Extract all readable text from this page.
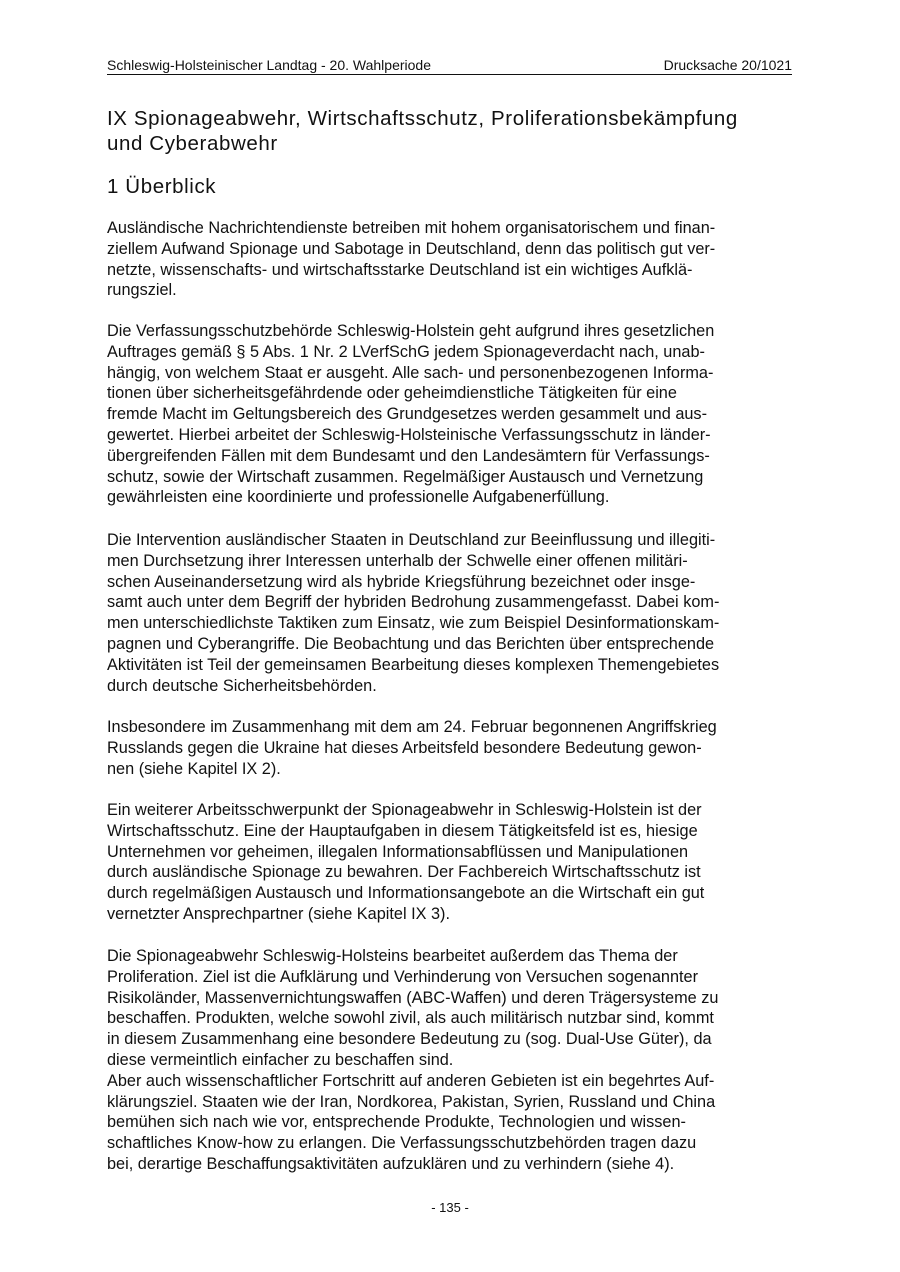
Schleswig-Holsteinischer Landtag - 20. Wahlperiode	Drucksache 20/1021
IX Spionageabwehr, Wirtschaftsschutz, Proliferationsbekämpfung
und Cyberabwehr
1 Überblick

Ausländische Nachrichtendienste betreiben mit hohem organisatorischem und finan-
ziellem Aufwand Spionage und Sabotage in Deutschland, denn das politisch gut ver-
netzte, wissenschafts- und wirtschaftsstarke Deutschland ist ein wichtiges Aufklä-
rungsziel.

Die Verfassungsschutzbehörde Schleswig-Holstein geht aufgrund ihres gesetzlichen
Auftrages gemäß § 5 Abs. 1 Nr. 2 LVerfSchG jedem Spionageverdacht nach, unab-
hängig, von welchem Staat er ausgeht. Alle sach- und personenbezogenen Informa-
tionen über sicherheitsgefährdende oder geheimdienstliche Tätigkeiten für eine
fremde Macht im Geltungsbereich des Grundgesetzes werden gesammelt und aus-
gewertet. Hierbei arbeitet der Schleswig-Holsteinische Verfassungsschutz in länder-
übergreifenden Fällen mit dem Bundesamt und den Landesämtern für Verfassungs-
schutz, sowie der Wirtschaft zusammen. Regelmäßiger Austausch und Vernetzung
gewährleisten eine koordinierte und professionelle Aufgabenerfüllung.

Die Intervention ausländischer Staaten in Deutschland zur Beeinflussung und illegiti-
men Durchsetzung ihrer Interessen unterhalb der Schwelle einer offenen militäri-
schen Auseinandersetzung wird als hybride Kriegsführung bezeichnet oder insge-
samt auch unter dem Begriff der hybriden Bedrohung zusammengefasst. Dabei kom-
men unterschiedlichste Taktiken zum Einsatz, wie zum Beispiel Desinformationskam-
pagnen und Cyberangriffe. Die Beobachtung und das Berichten über entsprechende
Aktivitäten ist Teil der gemeinsamen Bearbeitung dieses komplexen Themengebietes
durch deutsche Sicherheitsbehörden.

Insbesondere im Zusammenhang mit dem am 24. Februar begonnenen Angriffskrieg
Russlands gegen die Ukraine hat dieses Arbeitsfeld besondere Bedeutung gewon-
nen (siehe Kapitel IX 2).

Ein weiterer Arbeitsschwerpunkt der Spionageabwehr in Schleswig-Holstein ist der
Wirtschaftsschutz. Eine der Hauptaufgaben in diesem Tätigkeitsfeld ist es, hiesige
Unternehmen vor geheimen, illegalen Informationsabflüssen und Manipulationen
durch ausländische Spionage zu bewahren. Der Fachbereich Wirtschaftsschutz ist
durch regelmäßigen Austausch und Informationsangebote an die Wirtschaft ein gut
vernetzter Ansprechpartner (siehe Kapitel IX 3).

Die Spionageabwehr Schleswig-Holsteins bearbeitet außerdem das Thema der
Proliferation. Ziel ist die Aufklärung und Verhinderung von Versuchen sogenannter
Risikoländer, Massenvernichtungswaffen (ABC-Waffen) und deren Trägersysteme zu
beschaffen. Produkten, welche sowohl zivil, als auch militärisch nutzbar sind, kommt
in diesem Zusammenhang eine besondere Bedeutung zu (sog. Dual-Use Güter), da
diese vermeintlich einfacher zu beschaffen sind.
Aber auch wissenschaftlicher Fortschritt auf anderen Gebieten ist ein begehrtes Auf-
klärungsziel. Staaten wie der Iran, Nordkorea, Pakistan, Syrien, Russland und China
bemühen sich nach wie vor, entsprechende Produkte, Technologien und wissen-
schaftliches Know-how zu erlangen. Die Verfassungsschutzbehörden tragen dazu
bei, derartige Beschaffungsaktivitäten aufzuklären und zu verhindern (siehe 4).

- 135 -
